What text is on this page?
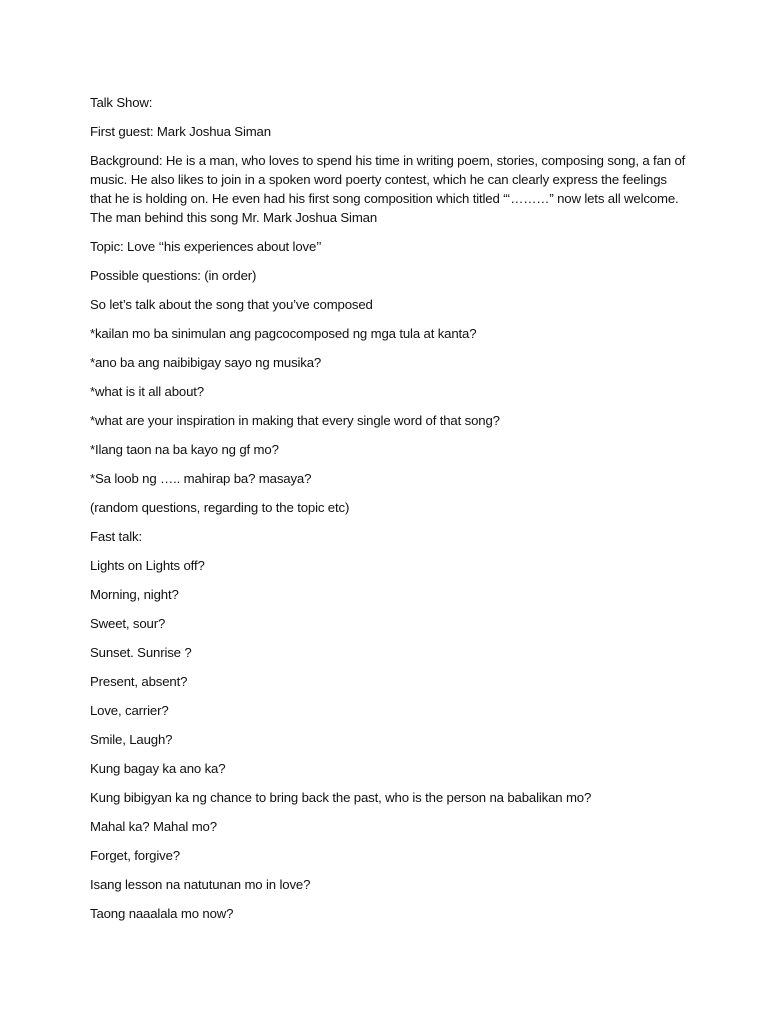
Talk Show:

First guest: Mark Joshua Siman

Background: He is a man, who loves to spend his time in writing poem, stories, composing song, a fan of
music. He also likes to join in a spoken word poerty contest, which he can clearly express the feelings
that he is holding on. He even had his first song composition which titled “‘………” now lets all welcome.
The man behind this song Mr. Mark Joshua Siman

Topic: Love ‘‘his experiences about love’’

Possible questions: (in order)

So let’s talk about the song that you’ve composed

*kailan mo ba sinimulan ang pagcocomposed ng mga tula at kanta?

*ano ba ang naibibigay sayo ng musika?

*what is it all about?

*what are your inspiration in making that every single word of that song?

*Ilang taon na ba kayo ng gf mo?

*Sa loob ng ….. mahirap ba? masaya?

(random questions, regarding to the topic etc)

Fast talk:

Lights on Lights off?

Morning, night?

Sweet, sour?

Sunset. Sunrise ?

Present, absent?

Love, carrier?

Smile, Laugh?

Kung bagay ka ano ka?

Kung bibigyan ka ng chance to bring back the past, who is the person na babalikan mo?

Mahal ka? Mahal mo?

Forget, forgive?

Isang lesson na natutunan mo in love?

Taong naaalala mo now?
